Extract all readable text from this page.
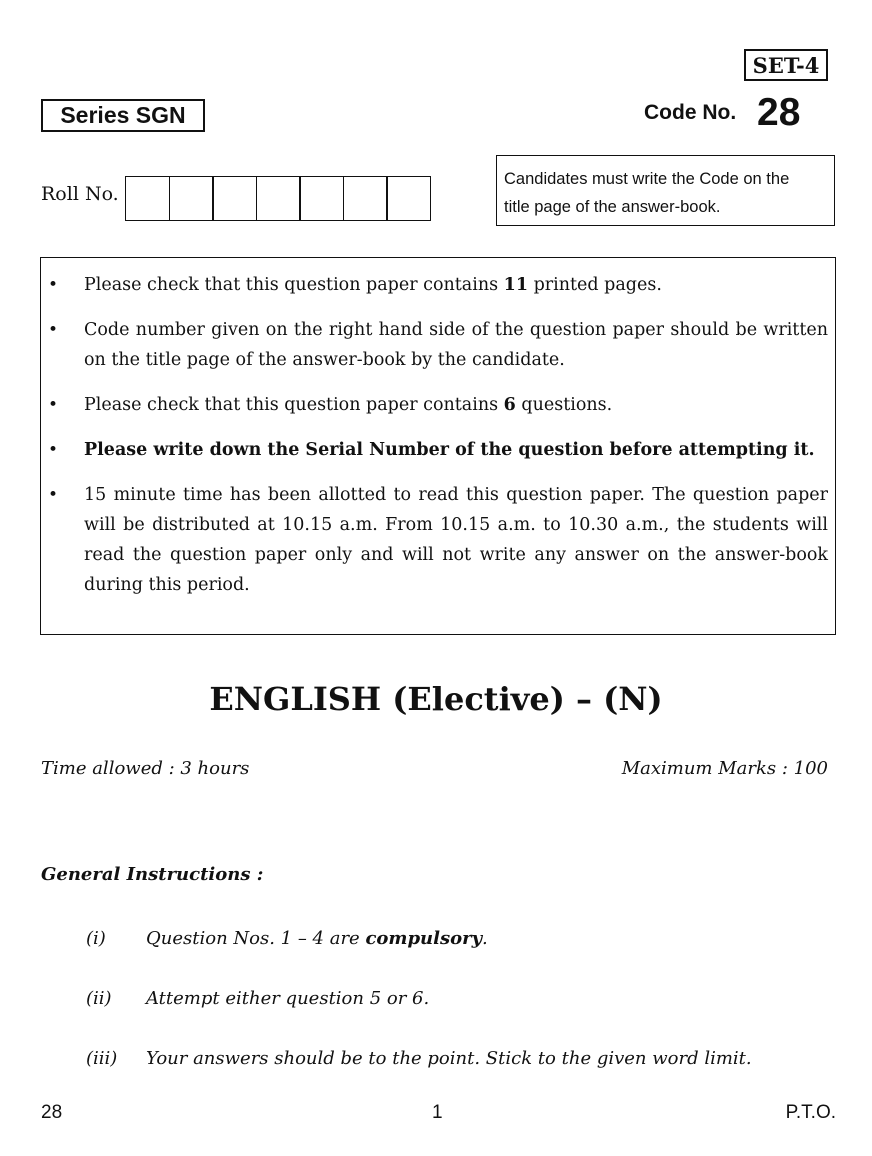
SET-4
Series SGN	Code No. 28
Roll No.
Candidates must write the Code on the
title page of the answer-book.
• Please check that this question paper contains 11 printed pages.
• Code number given on the right hand side of the question paper should be written on the title page of the answer-book by the candidate.
• Please check that this question paper contains 6 questions.
• Please write down the Serial Number of the question before attempting it.
• 15 minute time has been allotted to read this question paper. The question paper will be distributed at 10.15 a.m. From 10.15 a.m. to 10.30 a.m., the students will read the question paper only and will not write any answer on the answer-book during this period.
ENGLISH (Elective) – (N)
Time allowed : 3 hours	Maximum Marks : 100
General Instructions :
(i) Question Nos. 1 – 4 are compulsory.
(ii) Attempt either question 5 or 6.
(iii) Your answers should be to the point. Stick to the given word limit.
28	1	P.T.O.
